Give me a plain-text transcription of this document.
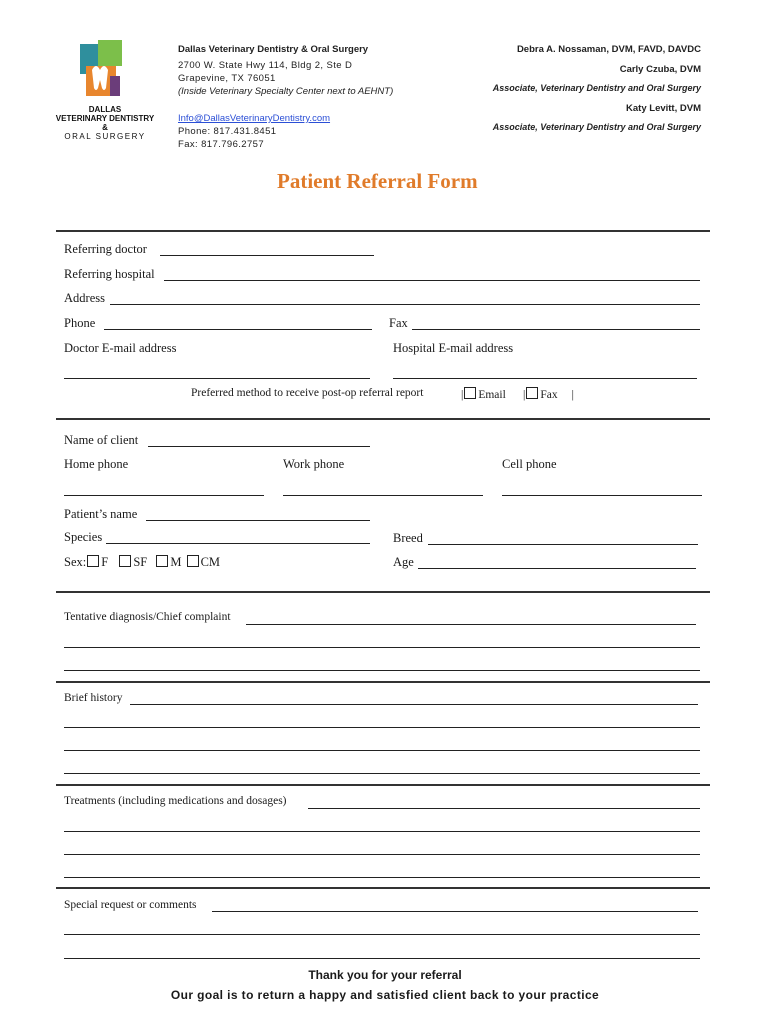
DALLAS
VETERINARY DENTISTRY
&
ORAL SURGERY
Dallas Veterinary Dentistry & Oral Surgery
2700 W. State Hwy 114, Bldg 2, Ste D
Grapevine, TX 76051
(Inside Veterinary Specialty Center next to AEHNT)
Info@DallasVeterinaryDentistry.com
Phone: 817.431.8451
Fax: 817.796.2757
Debra A. Nossaman, DVM, FAVD, DAVDC
Carly Czuba, DVM
Associate, Veterinary Dentistry and Oral Surgery
Katy Levitt, DVM
Associate, Veterinary Dentistry and Oral Surgery
Patient Referral Form
Referring doctor
Referring hospital
Address
Phone	Fax
Doctor E-mail address	Hospital E-mail address
Preferred method to receive post-op referral report	| Email | Fax |
Name of client
Home phone	Work phone	Cell phone
Patient’s name
Species	Breed
Sex: F SF M CM	Age
Tentative diagnosis/Chief complaint
Brief history
Treatments (including medications and dosages)
Special request or comments
Thank you for your referral
Our goal is to return a happy and satisfied client back to your practice
